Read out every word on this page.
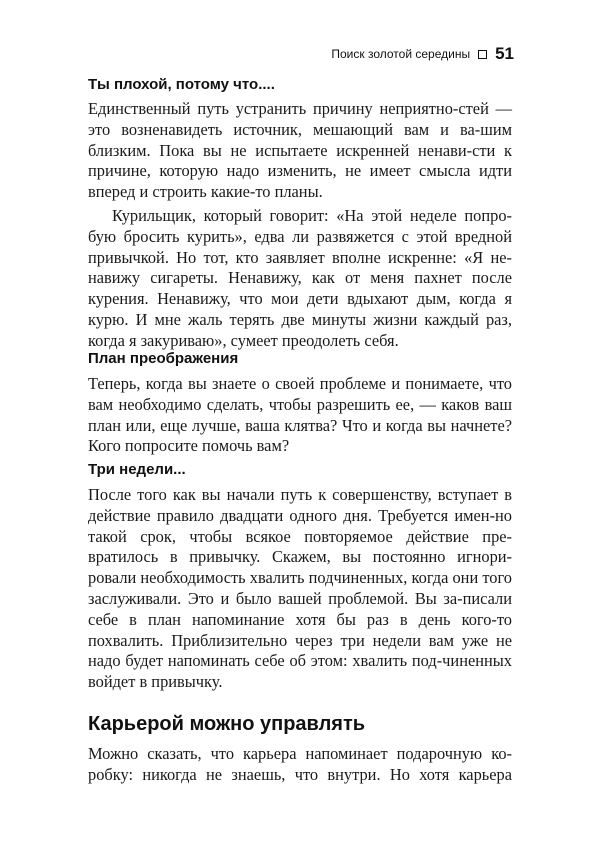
Поиск золотой середины 51
Ты плохой, потому что....

Единственный путь устранить причину неприятно-стей — это возненавидеть источник, мешающий вам и ва-шим близким. Пока вы не испытаете искренней ненави-сти к причине, которую надо изменить, не имеет смысла идти вперед и строить какие-то планы.

Курильщик, который говорит: «На этой неделе попро-бую бросить курить», едва ли развяжется с этой вредной привычкой. Но тот, кто заявляет вполне искренне: «Я не-навижу сигареты. Ненавижу, как от меня пахнет после курения. Ненавижу, что мои дети вдыхают дым, когда я курю. И мне жаль терять две минуты жизни каждый раз, когда я закуриваю», сумеет преодолеть себя.

План преображения

Теперь, когда вы знаете о своей проблеме и понимаете, что вам необходимо сделать, чтобы разрешить ее, — каков ваш план или, еще лучше, ваша клятва? Что и когда вы начнете? Кого попросите помочь вам?

Три недели...

После того как вы начали путь к совершенству, вступает в действие правило двадцати одного дня. Требуется имен-но такой срок, чтобы всякое повторяемое действие пре-вратилось в привычку. Скажем, вы постоянно игнори-ровали необходимость хвалить подчиненных, когда они того заслуживали. Это и было вашей проблемой. Вы за-писали себе в план напоминание хотя бы раз в день кого-то похвалить. Приблизительно через три недели вам уже не надо будет напоминать себе об этом: хвалить под-чиненных войдет в привычку.

Карьерой можно управлять

Можно сказать, что карьера напоминает подарочную ко-робку: никогда не знаешь, что внутри. Но хотя карьера
